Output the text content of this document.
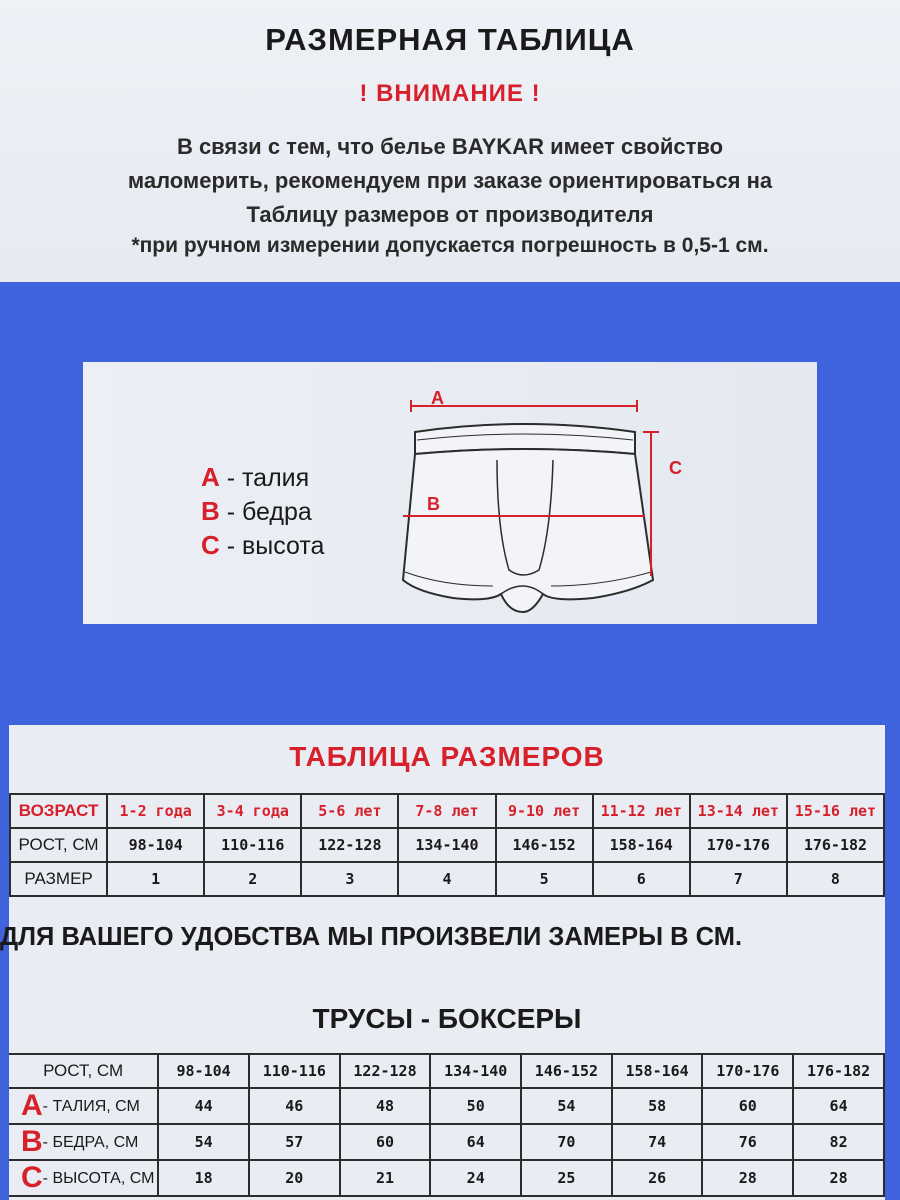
РАЗМЕРНАЯ ТАБЛИЦА
! ВНИМАНИЕ !
В связи с тем, что белье BAYKAR имеет свойство
маломерить, рекомендуем при заказе ориентироваться на
Таблицу размеров от производителя
*при ручном измерении допускается погрешность в 0,5-1 см.
A - талия
B - бедра
C - высота
A
B
C
ТАБЛИЦА РАЗМЕРОВ
ВОЗРАСТ	1-2 года	3-4 года	5-6 лет	7-8 лет	9-10 лет	11-12 лет	13-14 лет	15-16 лет
РОСТ, СМ	98-104	110-116	122-128	134-140	146-152	158-164	170-176	176-182
РАЗМЕР	1	2	3	4	5	6	7	8
ДЛЯ ВАШЕГО УДОБСТВА МЫ ПРОИЗВЕЛИ ЗАМЕРЫ В СМ.
ТРУСЫ - БОКСЕРЫ
РОСТ, СМ	98-104	110-116	122-128	134-140	146-152	158-164	170-176	176-182
A- ТАЛИЯ, СМ	44	46	48	50	54	58	60	64
B- БЕДРА, СМ	54	57	60	64	70	74	76	82
C- ВЫСОТА, СМ	18	20	21	24	25	26	28	28
